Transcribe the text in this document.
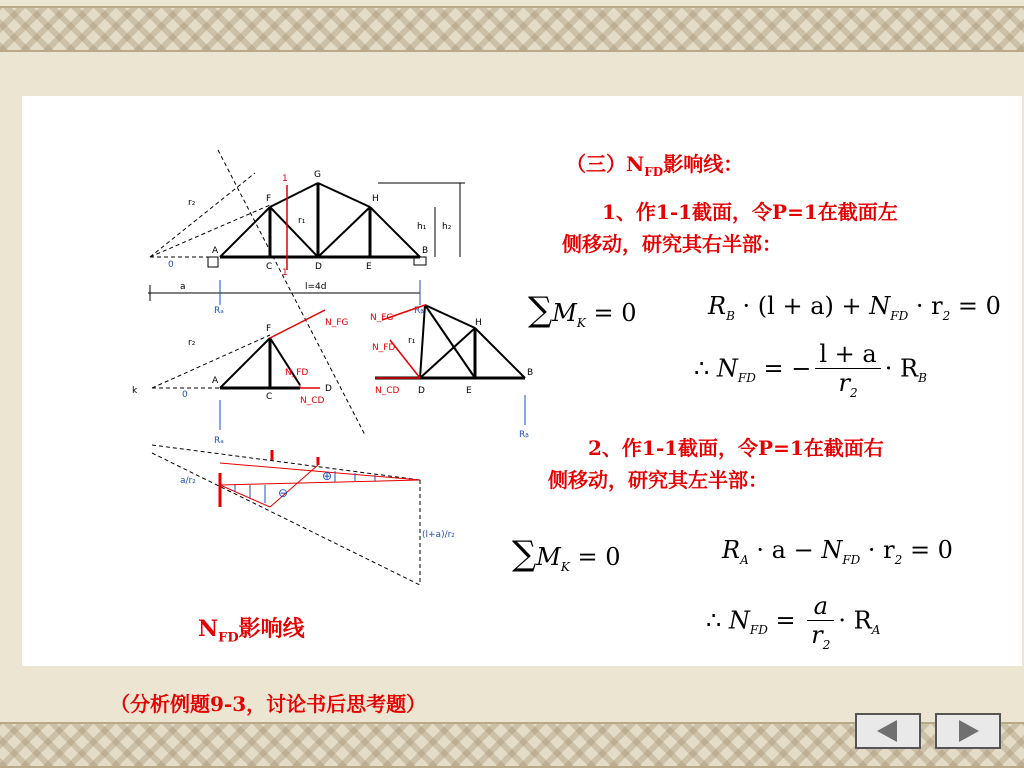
r₂
r₁
G
F	H
A	B
C	D	E
0
h₁ h₂
1
1
a	l=4d
Rₐ	Rᵦ
k	0
A
C
F
D
r₂
Rₐ
N_FG
N_FD
N_CD
N_FG
N_FD
N_CD
r₁
H
B
D	E
Rᵦ
a/r₂
(l+a)/r₂
⊖
⊕
（三）$N_{FD}$影响线：
1、作1-1截面，令P=1在截面左
侧移动，研究其右半部：
$\sum M_K = 0$	$R_B \cdot (l + a) + N_{FD} \cdot r_2 = 0$
∴ $N_{FD}$ = − $\frac{l + a}{r_2} \cdot R_B$
2、作1-1截面，令P=1在截面右
侧移动，研究其左半部：
$\sum M_K = 0$	$R_A \cdot a - N_{FD} \cdot r_2 = 0$
∴ $N_{FD} = \frac{a}{r_2} \cdot R_A$
$N_{FD}$影响线
（分析例题9-3，讨论书后思考题）
